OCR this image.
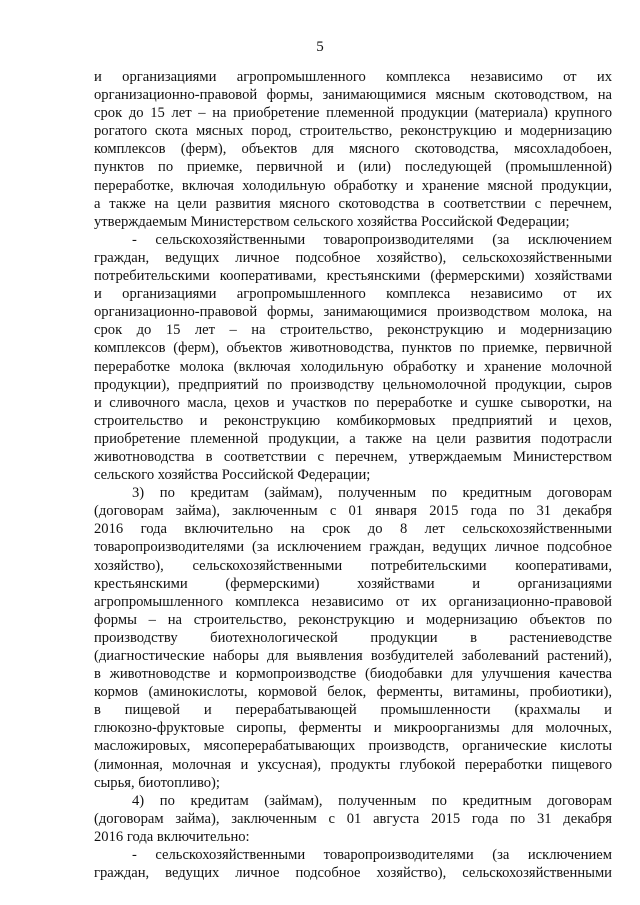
5
и организациями агропромышленного комплекса независимо от их
организационно-правовой формы, занимающимися мясным скотоводством, на
срок до 15 лет – на приобретение племенной продукции (материала) крупного
рогатого скота мясных пород, строительство, реконструкцию и модернизацию
комплексов (ферм), объектов для мясного скотоводства, мясохладобоен,
пунктов по приемке, первичной и (или) последующей (промышленной)
переработке, включая холодильную обработку и хранение мясной продукции,
а также на цели развития мясного скотоводства в соответствии с перечнем,
утверждаемым Министерством сельского хозяйства Российской Федерации;
- сельскохозяйственными товаропроизводителями (за исключением
граждан, ведущих личное подсобное хозяйство), сельскохозяйственными
потребительскими кооперативами, крестьянскими (фермерскими) хозяйствами
и организациями агропромышленного комплекса независимо от их
организационно-правовой формы, занимающимися производством молока, на
срок до 15 лет – на строительство, реконструкцию и модернизацию
комплексов (ферм), объектов животноводства, пунктов по приемке, первичной
переработке молока (включая холодильную обработку и хранение молочной
продукции), предприятий по производству цельномолочной продукции, сыров
и сливочного масла, цехов и участков по переработке и сушке сыворотки, на
строительство и реконструкцию комбикормовых предприятий и цехов,
приобретение племенной продукции, а также на цели развития подотрасли
животноводства в соответствии с перечнем, утверждаемым Министерством
сельского хозяйства Российской Федерации;
3) по кредитам (займам), полученным по кредитным договорам
(договорам займа), заключенным с 01 января 2015 года по 31 декабря
2016 года включительно на срок до 8 лет сельскохозяйственными
товаропроизводителями (за исключением граждан, ведущих личное подсобное
хозяйство), сельскохозяйственными потребительскими кооперативами,
крестьянскими (фермерскими) хозяйствами и организациями
агропромышленного комплекса независимо от их организационно-правовой
формы – на строительство, реконструкцию и модернизацию объектов по
производству биотехнологической продукции в растениеводстве
(диагностические наборы для выявления возбудителей заболеваний растений),
в животноводстве и кормопроизводстве (биодобавки для улучшения качества
кормов (аминокислоты, кормовой белок, ферменты, витамины, пробиотики),
в пищевой и перерабатывающей промышленности (крахмалы и
глюкозно-фруктовые сиропы, ферменты и микроорганизмы для молочных,
масложировых, мясоперерабатывающих производств, органические кислоты
(лимонная, молочная и уксусная), продукты глубокой переработки пищевого
сырья, биотопливо);
4) по кредитам (займам), полученным по кредитным договорам
(договорам займа), заключенным с 01 августа 2015 года по 31 декабря
2016 года включительно:
- сельскохозяйственными товаропроизводителями (за исключением
граждан, ведущих личное подсобное хозяйство), сельскохозяйственными
